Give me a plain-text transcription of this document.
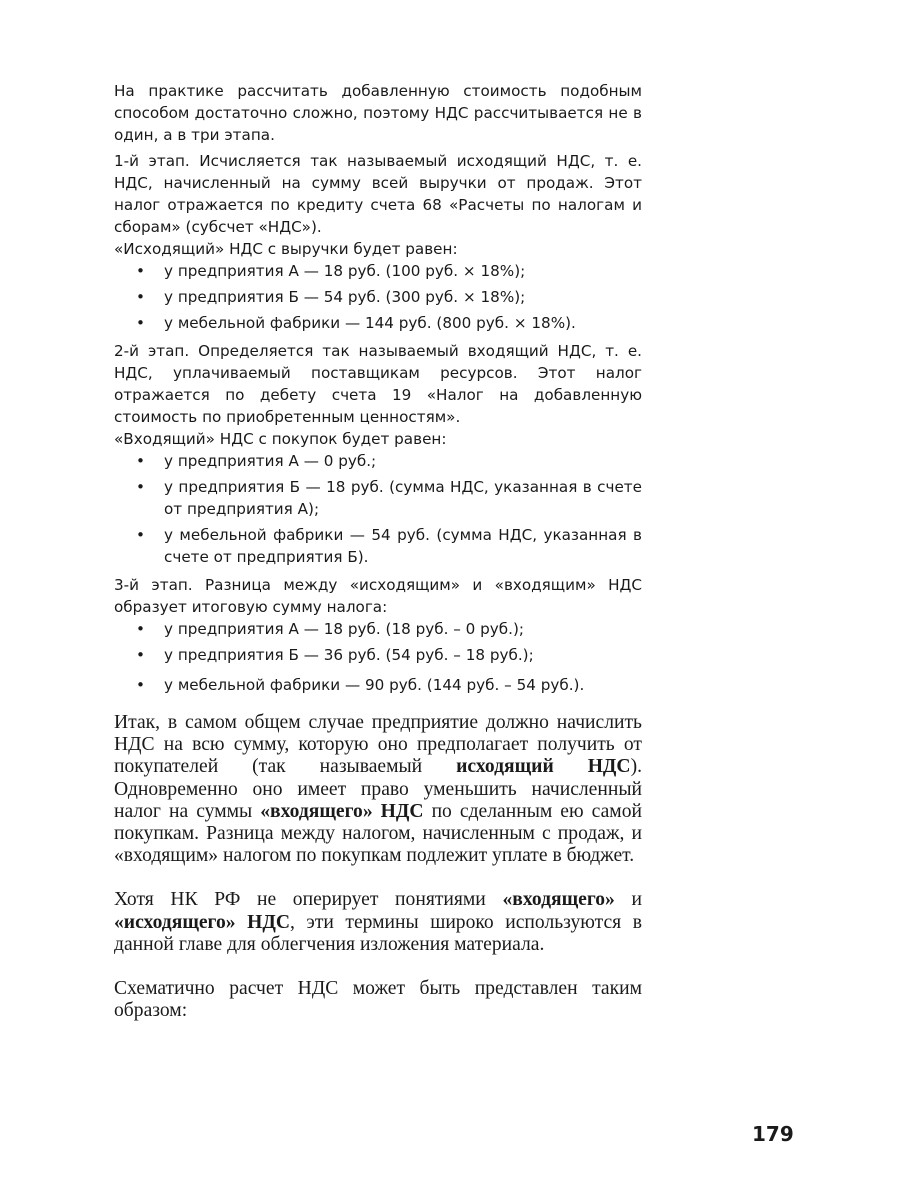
На практике рассчитать добавленную стоимость подобным способом достаточно сложно, поэтому НДС рассчитывается не в один, а в три этапа.

1-й этап. Исчисляется так называемый исходящий НДС, т. е. НДС, начисленный на сумму всей выручки от продаж. Этот налог отражается по кредиту счета 68 «Расчеты по налогам и сборам» (субсчет «НДС»).

«Исходящий» НДС с выручки будет равен:

• у предприятия А — 18 руб. (100 руб. × 18%);
• у предприятия Б — 54 руб. (300 руб. × 18%);
• у мебельной фабрики — 144 руб. (800 руб. × 18%).

2-й этап. Определяется так называемый входящий НДС, т. е. НДС, уплачиваемый поставщикам ресурсов. Этот налог отражается по дебету счета 19 «Налог на добавленную стоимость по приобретенным ценностям».

«Входящий» НДС с покупок будет равен:

• у предприятия А — 0 руб.;
• у предприятия Б — 18 руб. (сумма НДС, указанная в счете от предприятия А);
• у мебельной фабрики — 54 руб. (сумма НДС, указанная в счете от предприятия Б).

3-й этап. Разница между «исходящим» и «входящим» НДС образует итоговую сумму налога:

• у предприятия А — 18 руб. (18 руб. – 0 руб.);
• у предприятия Б — 36 руб. (54 руб. – 18 руб.);
• у мебельной фабрики — 90 руб. (144 руб. – 54 руб.).

Итак, в самом общем случае предприятие должно начислить НДС на всю сумму, которую оно предполагает получить от покупателей (так называемый исходящий НДС). Одновременно оно имеет право уменьшить начисленный налог на суммы «входящего» НДС по сделанным ею самой покупкам. Разница между налогом, начисленным с продаж, и «входящим» налогом по покупкам подлежит уплате в бюджет.

Хотя НК РФ не оперирует понятиями «входящего» и «исходящего» НДС, эти термины широко используются в данной главе для облегчения изложения материала.

Схематично расчет НДС может быть представлен таким образом:

179
